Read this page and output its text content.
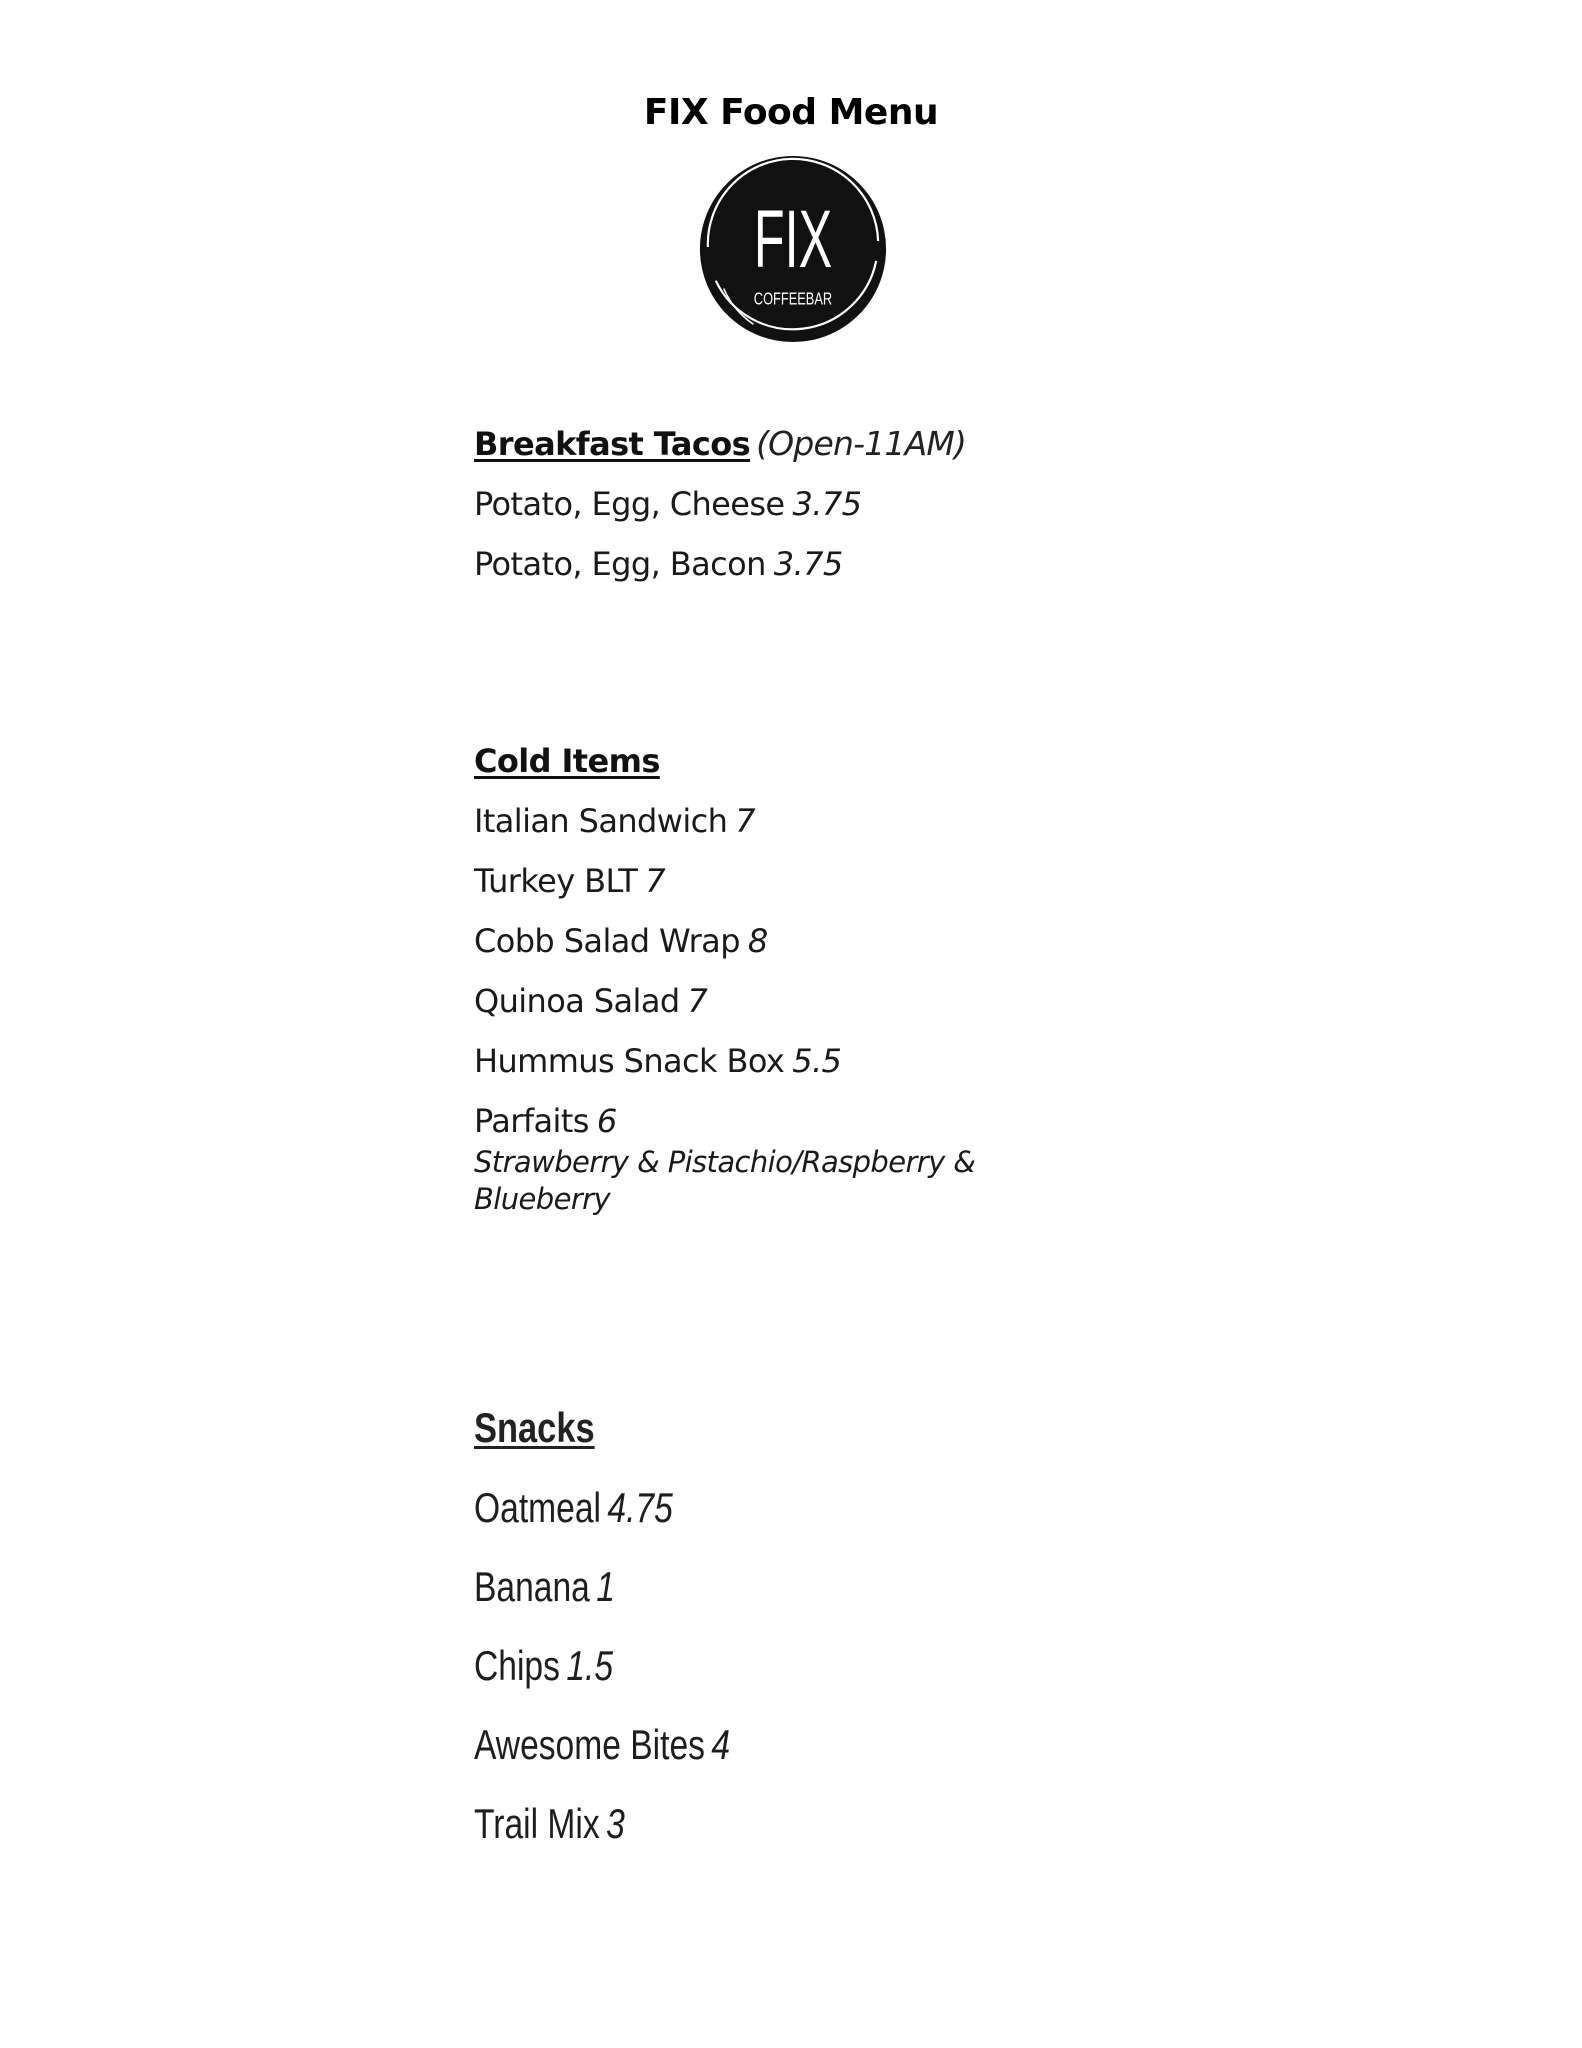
FIX Food Menu
FIX
COFFEEBAR
Breakfast Tacos (Open-11AM)
Potato, Egg, Cheese 3.75
Potato, Egg, Bacon 3.75
Cold Items
Italian Sandwich 7
Turkey BLT 7
Cobb Salad Wrap 8
Quinoa Salad 7
Hummus Snack Box 5.5
Parfaits 6
Strawberry & Pistachio/Raspberry & Blueberry
Snacks
Oatmeal 4.75
Banana 1
Chips 1.5
Awesome Bites 4
Trail Mix 3
